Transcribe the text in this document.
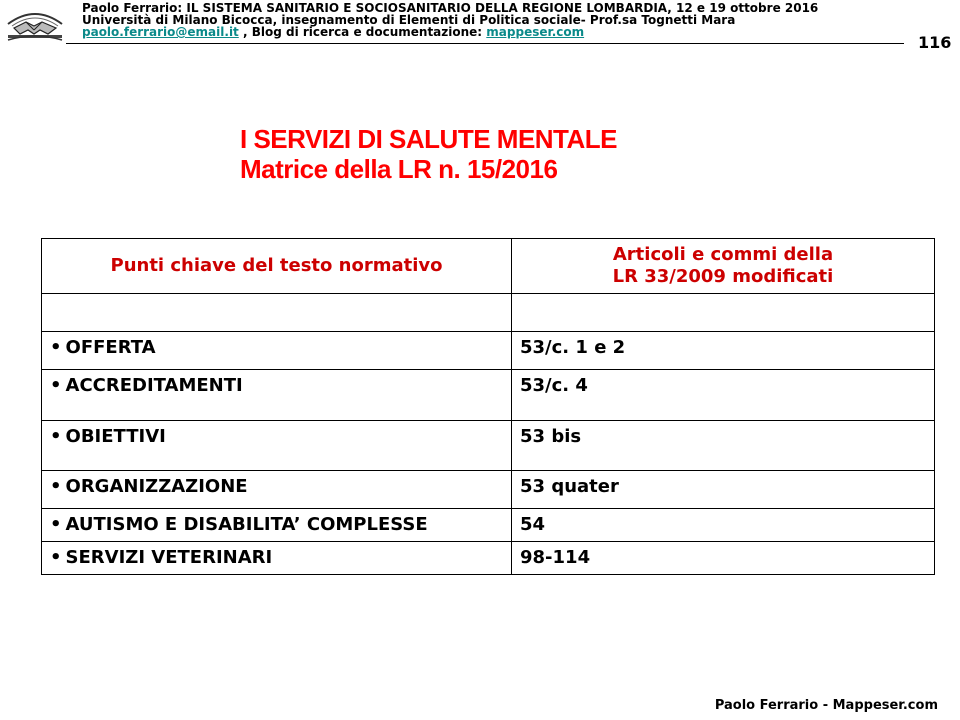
Paolo Ferrario: IL SISTEMA SANITARIO E SOCIOSANITARIO DELLA REGIONE LOMBARDIA, 12 e 19 ottobre 2016
Università di Milano Bicocca, insegnamento di Elementi di Politica sociale- Prof.sa Tognetti Mara
paolo.ferrario@email.it , Blog di ricerca e documentazione: mappeser.com
116
I SERVIZI DI SALUTE MENTALE
Matrice della LR n. 15/2016
Punti chiave del testo normativo	Articoli e commi della
LR 33/2009 modificati

• OFFERTA	53/c. 1 e 2
• ACCREDITAMENTI	53/c. 4
• OBIETTIVI	53 bis
• ORGANIZZAZIONE	53 quater
• AUTISMO E DISABILITA’ COMPLESSE	54
• SERVIZI VETERINARI	98-114
Paolo Ferrario - Mappeser.com
